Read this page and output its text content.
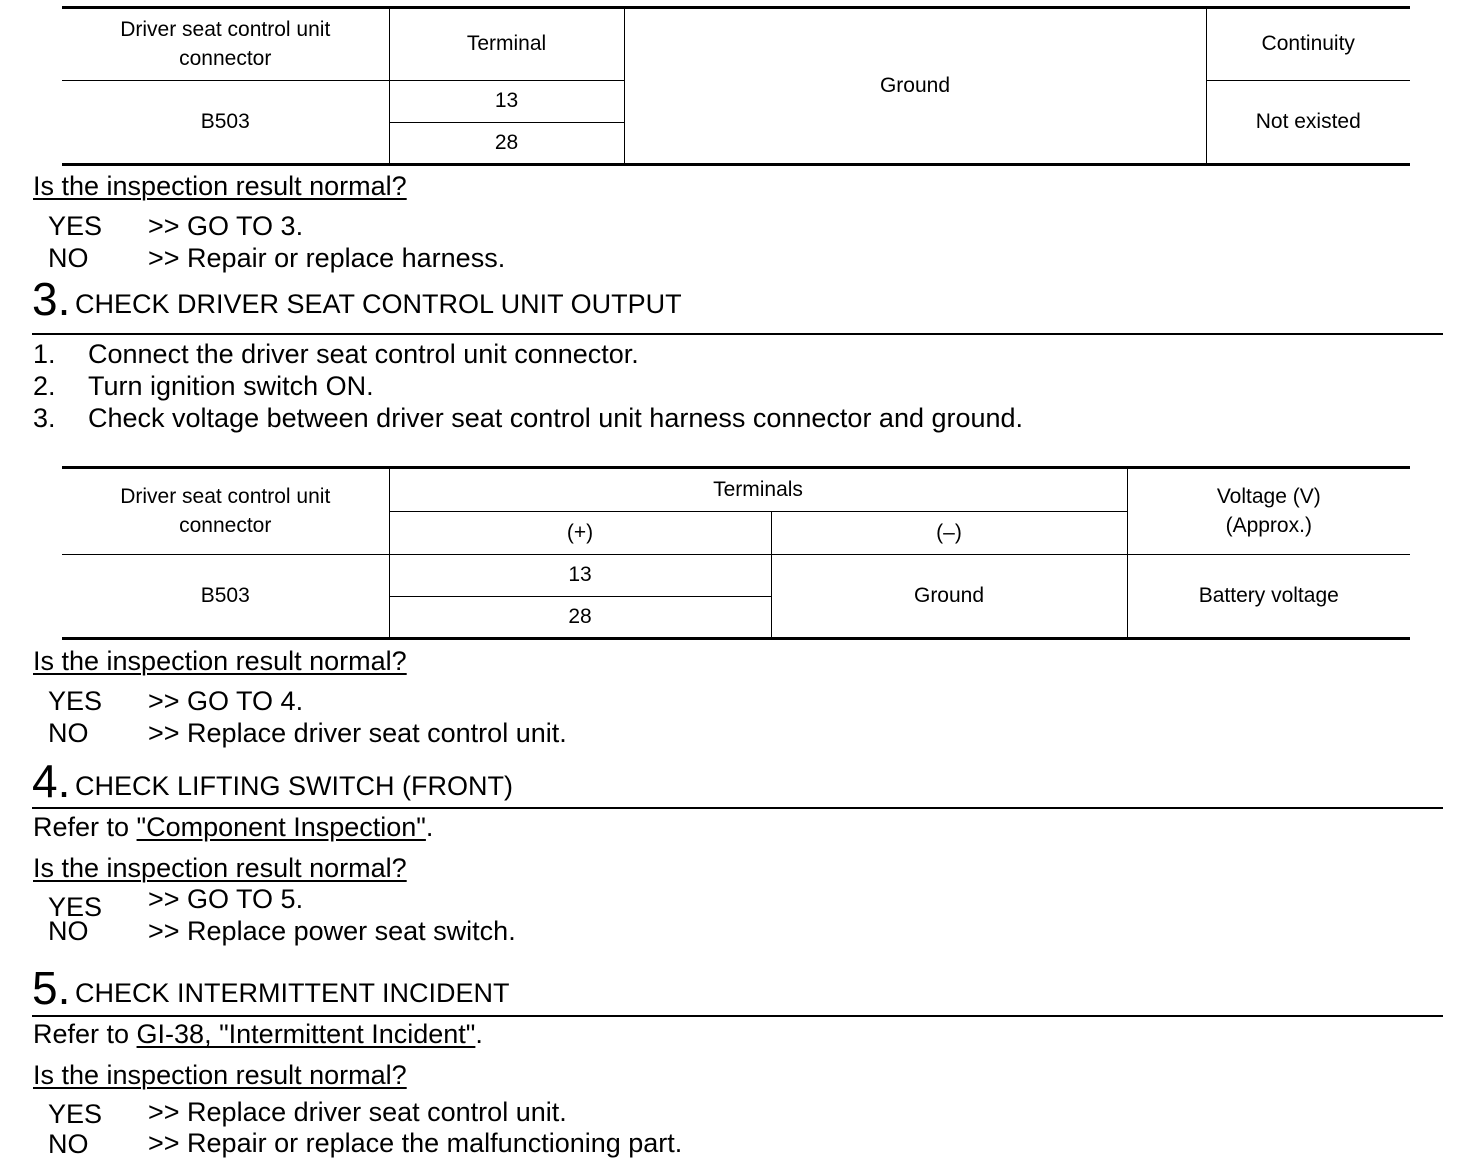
Driver seat control unit connector	Terminal	Ground	Continuity
B503	13		Not existed
	28		
Is the inspection result normal?
YES >> GO TO 3.
NO >> Repair or replace harness.
3. CHECK DRIVER SEAT CONTROL UNIT OUTPUT
1. Connect the driver seat control unit connector.
2. Turn ignition switch ON.
3. Check voltage between driver seat control unit harness connector and ground.
Driver seat control unit connector	Terminals		Voltage (V) (Approx.)
	(+)	(–)	
B503	13	Ground	Battery voltage
	28		
Is the inspection result normal?
YES >> GO TO 4.
NO >> Replace driver seat control unit.
4. CHECK LIFTING SWITCH (FRONT)
Refer to "Component Inspection".
Is the inspection result normal?
YES >> GO TO 5.
NO >> Replace power seat switch.
5. CHECK INTERMITTENT INCIDENT
Refer to GI-38, "Intermittent Incident".
Is the inspection result normal?
YES >> Replace driver seat control unit.
NO >> Repair or replace the malfunctioning part.
